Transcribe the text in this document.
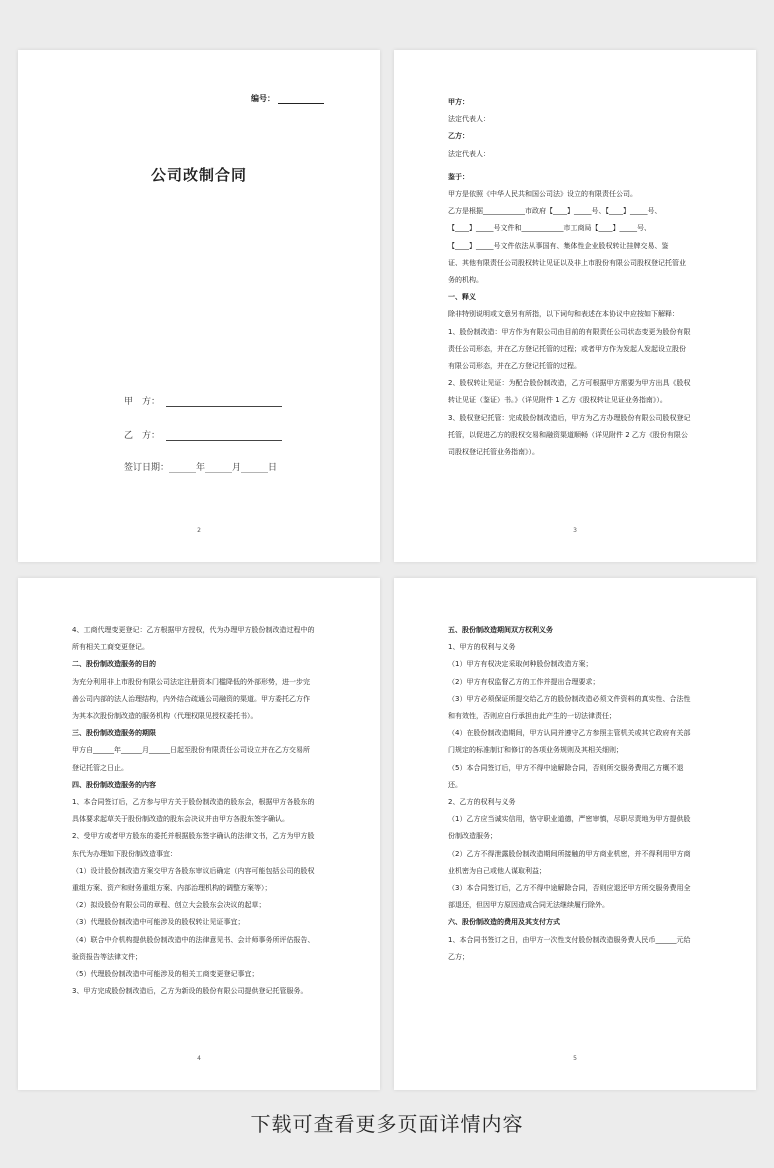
编号：
公司改制合同
甲　方：
乙　方：
签订日期：______年______月______日
2

甲方：

法定代表人：

乙方：

法定代表人：

鉴于：

甲方是依照《中华人民共和国公司法》设立的有限责任公司。

乙方是根据____________市政府【____】_____号、【____】_____号、

【____】_____号文件和____________市工商局【____】_____号、

【____】_____号文件依法从事国有、集体性企业股权转让挂牌交易、鉴

证、其他有限责任公司股权转让见证以及非上市股份有限公司股权登记托管业

务的机构。

一、释义

除非特别说明或文意另有所指，以下词句和表述在本协议中应按如下解释：

1、股份制改造：甲方作为有限公司由目前的有限责任公司状态变更为股份有限

责任公司形态，并在乙方登记托管的过程；或者甲方作为发起人发起设立股份

有限公司形态，并在乙方登记托管的过程。

2、股权转让见证：为配合股份制改造，乙方可根据甲方需要为甲方出具《股权

转让见证（鉴证）书。》（详见附件 1 乙方《股权转让见证业务指南》）。

3、股权登记托管：完成股份制改造后，甲方为乙方办理股份有限公司股权登记

托管，以促进乙方的股权交易和融资渠道顺畅（详见附件 2 乙方《股份有限公

司股权登记托管业务指南》）。

3

4、工商代理变更登记：乙方根据甲方授权，代为办理甲方股份制改造过程中的

所有相关工商变更登记。

二、股份制改造服务的目的

为充分利用非上市股份有限公司法定注册资本门槛降低的外部形势，进一步完

善公司内部的法人治理结构，内外结合疏通公司融资的渠道。甲方委托乙方作

为其本次股份制改造的服务机构（代理权限见授权委托书）。

三、股份制改造服务的期限

甲方自______年______月______日起至股份有限责任公司设立并在乙方交易所

登记托管之日止。

四、股份制改造服务的内容

1、本合同签订后，乙方参与甲方关于股份制改造的股东会，根据甲方各股东的

具体要求起草关于股份制改造的股东会决议并由甲方各股东签字确认。

2、受甲方或者甲方股东的委托并根据股东签字确认的法律文书，乙方为甲方股

东代为办理如下股份制改造事宜：

（1）设计股份制改造方案交甲方各股东审议后确定（内容可能包括公司的股权

重组方案、资产和财务重组方案、内部治理机构的调整方案等）；

（2）拟设股份有限公司的章程、创立大会股东会决议的起草；

（3）代理股份制改造中可能涉及的股权转让见证事宜；

（4）联合中介机构提供股份制改造中的法律意见书、会计师事务所评估报告、

验资报告等法律文件；

（5）代理股份制改造中可能涉及的相关工商变更登记事宜；

3、甲方完成股份制改造后，乙方为新设的股份有限公司提供登记托管服务。

4

五、股份制改造期间双方权利义务

1、甲方的权利与义务

（1）甲方有权决定采取何种股份制改造方案；

（2）甲方有权监督乙方的工作并提出合理要求；

（3）甲方必须保证所提交给乙方的股份制改造必须文件资料的真实性、合法性

和有效性，否则应自行承担由此产生的一切法律责任；

（4）在股份制改造期间，甲方认同并遵守乙方参照主管机关或其它政府有关部

门规定的标准制订和修订的各项业务规则及其相关细则；

（5）本合同签订后，甲方不得中途解除合同，否则所交服务费用乙方概不退

还。

2、乙方的权利与义务

（1）乙方应当诚实信用，恪守职业道德，严密审慎，尽职尽责地为甲方提供股

份制改造服务；

（2）乙方不得泄露股份制改造期间所接触的甲方商业机密，并不得利用甲方商

业机密为自己或他人谋取利益；

（3）本合同签订后，乙方不得中途解除合同，否则应退还甲方所交服务费用全

部退还，但因甲方原因造成合同无法继续履行除外。

六、股份制改造的费用及其支付方式

1、本合同书签订之日，由甲方一次性支付股份制改造服务费人民币______元给

乙方；

5
下载可查看更多页面详情内容
